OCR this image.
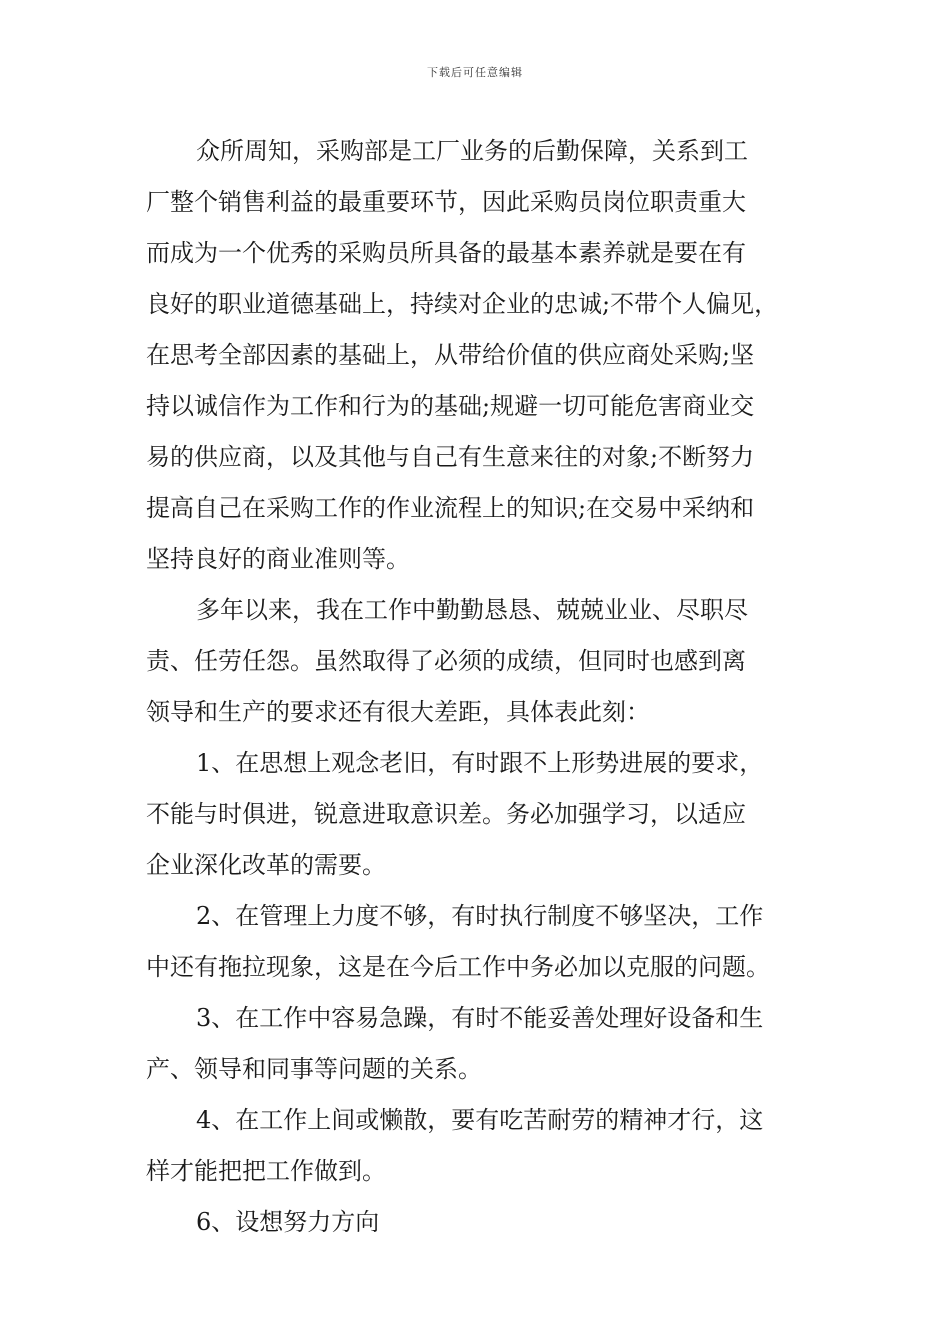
下载后可任意编辑
众所周知，采购部是工厂业务的后勤保障，关系到工
厂整个销售利益的最重要环节，因此采购员岗位职责重大
而成为一个优秀的采购员所具备的最基本素养就是要在有
良好的职业道德基础上，持续对企业的忠诚;不带个人偏见，
在思考全部因素的基础上，从带给价值的供应商处采购;坚
持以诚信作为工作和行为的基础;规避一切可能危害商业交
易的供应商，以及其他与自己有生意来往的对象;不断努力
提高自己在采购工作的作业流程上的知识;在交易中采纳和
坚持良好的商业准则等。
多年以来，我在工作中勤勤恳恳、兢兢业业、尽职尽
责、任劳任怨。虽然取得了必须的成绩，但同时也感到离
领导和生产的要求还有很大差距，具体表此刻：
1、在思想上观念老旧，有时跟不上形势进展的要求，
不能与时俱进，锐意进取意识差。务必加强学习，以适应
企业深化改革的需要。
2、在管理上力度不够，有时执行制度不够坚决，工作
中还有拖拉现象，这是在今后工作中务必加以克服的问题。
3、在工作中容易急躁，有时不能妥善处理好设备和生
产、领导和同事等问题的关系。
4、在工作上间或懒散，要有吃苦耐劳的精神才行，这
样才能把把工作做到。
6、设想努力方向
